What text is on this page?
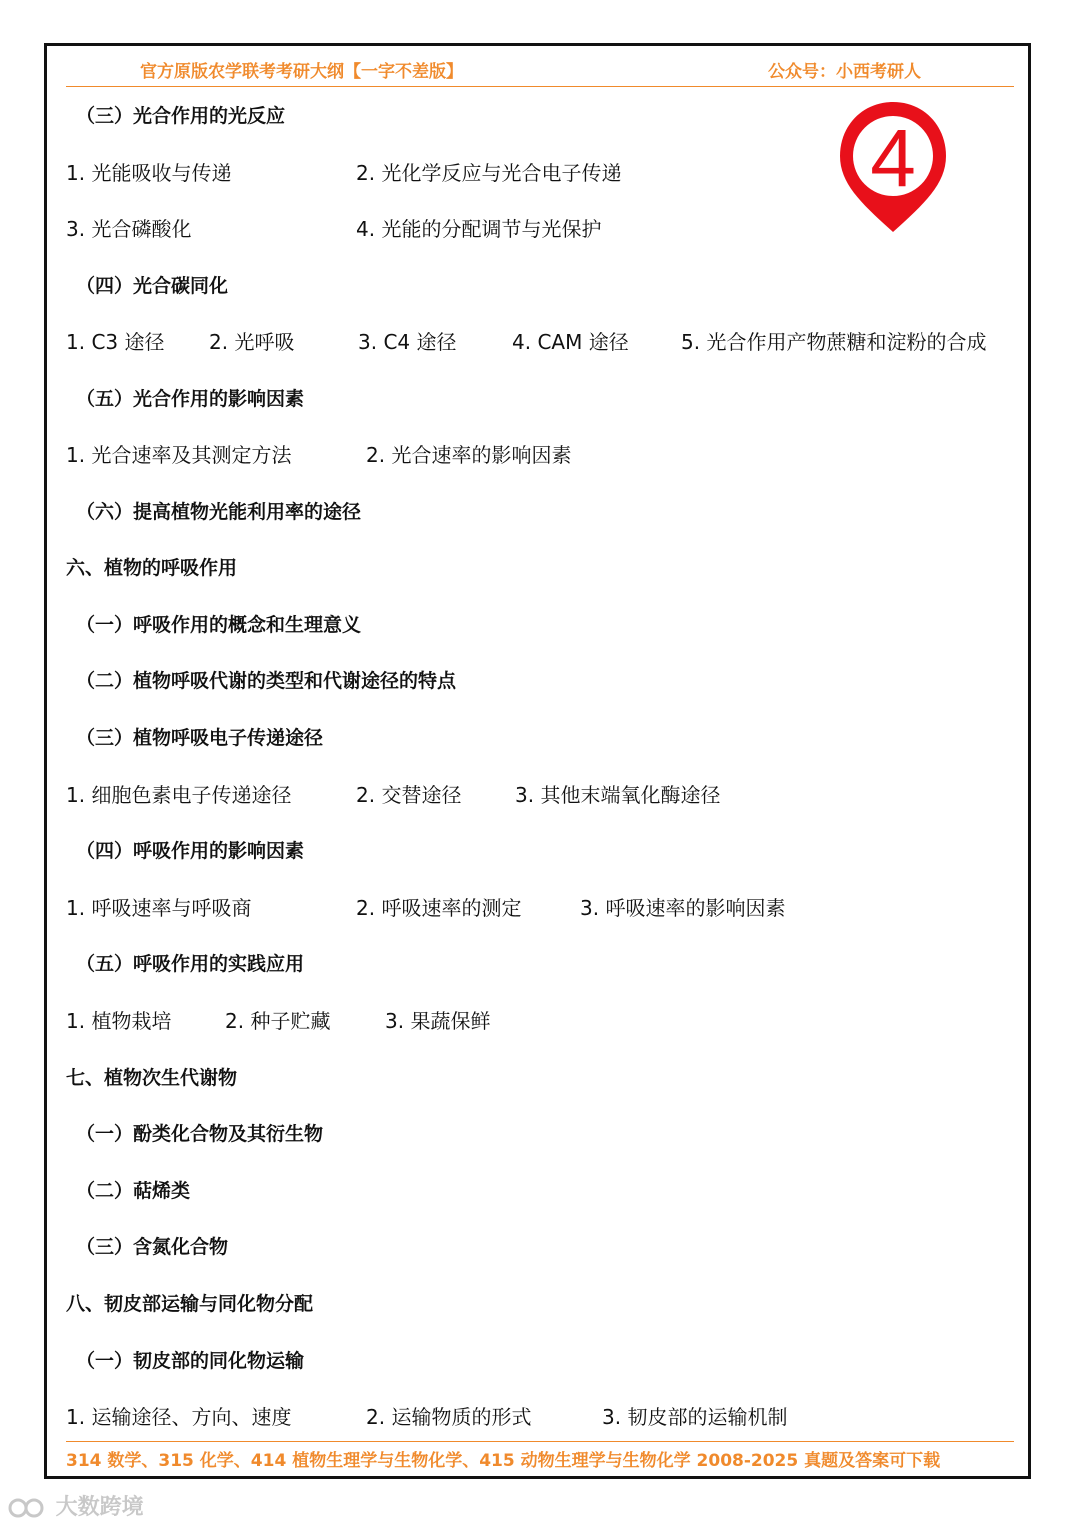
官方原版农学联考考研大纲【一字不差版】	公众号：小西考研人
4
（三）光合作用的光反应
1. 光能吸收与传递	2. 光化学反应与光合电子传递
3. 光合磷酸化	4. 光能的分配调节与光保护
（四）光合碳同化
1. C3 途径 2. 光呼吸	3. C4 途径	4. CAM 途径	5. 光合作用产物蔗糖和淀粉的合成
（五）光合作用的影响因素
1. 光合速率及其测定方法	2. 光合速率的影响因素
（六）提高植物光能利用率的途径
六、植物的呼吸作用
（一）呼吸作用的概念和生理意义
（二）植物呼吸代谢的类型和代谢途径的特点
（三）植物呼吸电子传递途径
1. 细胞色素电子传递途径	2. 交替途径	3. 其他末端氧化酶途径
（四）呼吸作用的影响因素
1. 呼吸速率与呼吸商	2. 呼吸速率的测定	3. 呼吸速率的影响因素
（五）呼吸作用的实践应用
1. 植物栽培	2. 种子贮藏	3. 果蔬保鲜
七、植物次生代谢物
（一）酚类化合物及其衍生物
（二）萜烯类
（三）含氮化合物
八、韧皮部运输与同化物分配
（一）韧皮部的同化物运输
1. 运输途径、方向、速度	2. 运输物质的形式	3. 韧皮部的运输机制
314 数学、315 化学、414 植物生理学与生物化学、415 动物生理学与生物化学 2008-2025 真题及答案可下载
大数跨境
